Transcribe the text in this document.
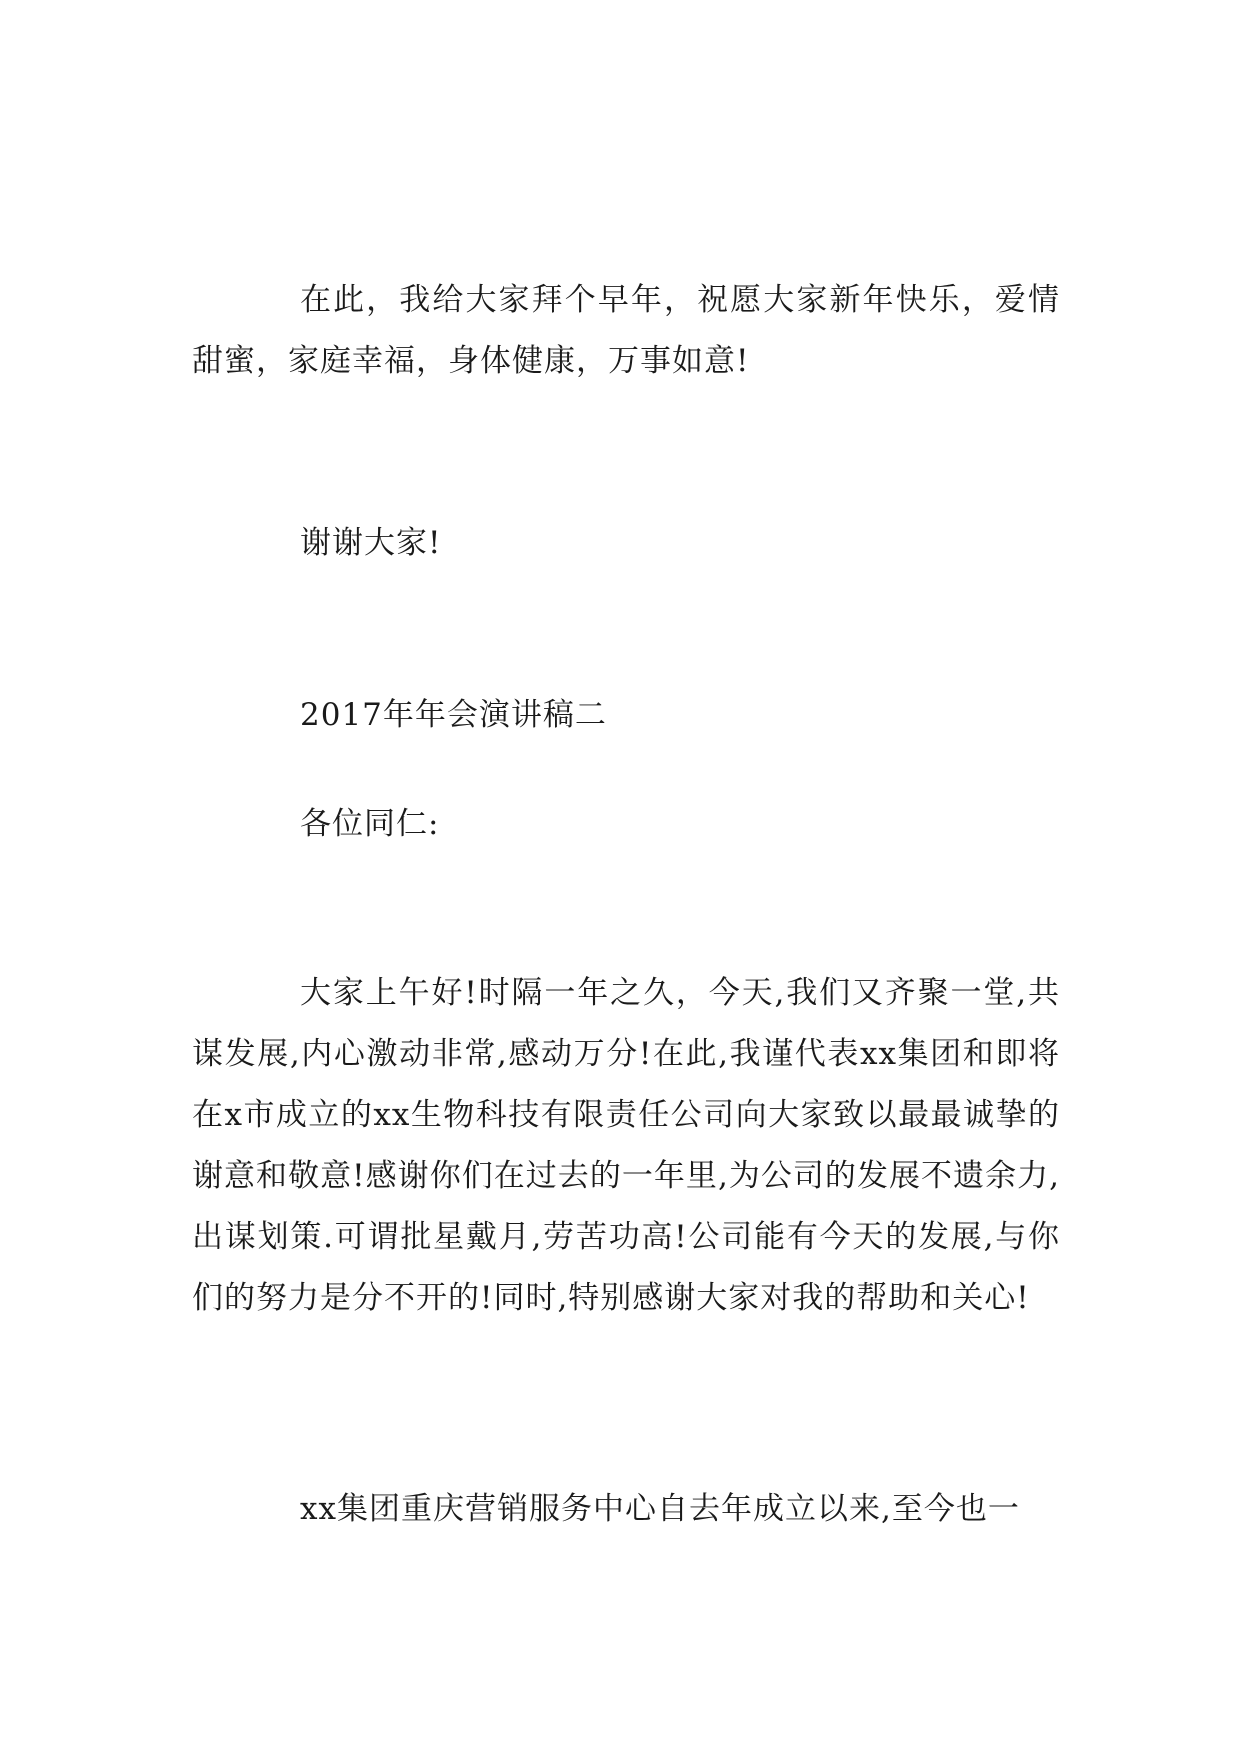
在此，我给大家拜个早年，祝愿大家新年快乐，爱情甜蜜，家庭幸福，身体健康，万事如意!

谢谢大家!

2017年年会演讲稿二

各位同仁:

大家上午好!时隔一年之久，今天,我们又齐聚一堂,共谋发展,内心激动非常,感动万分!在此,我谨代表xx集团和即将在x市成立的xx生物科技有限责任公司向大家致以最最诚挚的谢意和敬意!感谢你们在过去的一年里,为公司的发展不遗余力,出谋划策.可谓批星戴月,劳苦功高!公司能有今天的发展,与你们的努力是分不开的!同时,特别感谢大家对我的帮助和关心!

xx集团重庆营销服务中心自去年成立以来,至今也一
